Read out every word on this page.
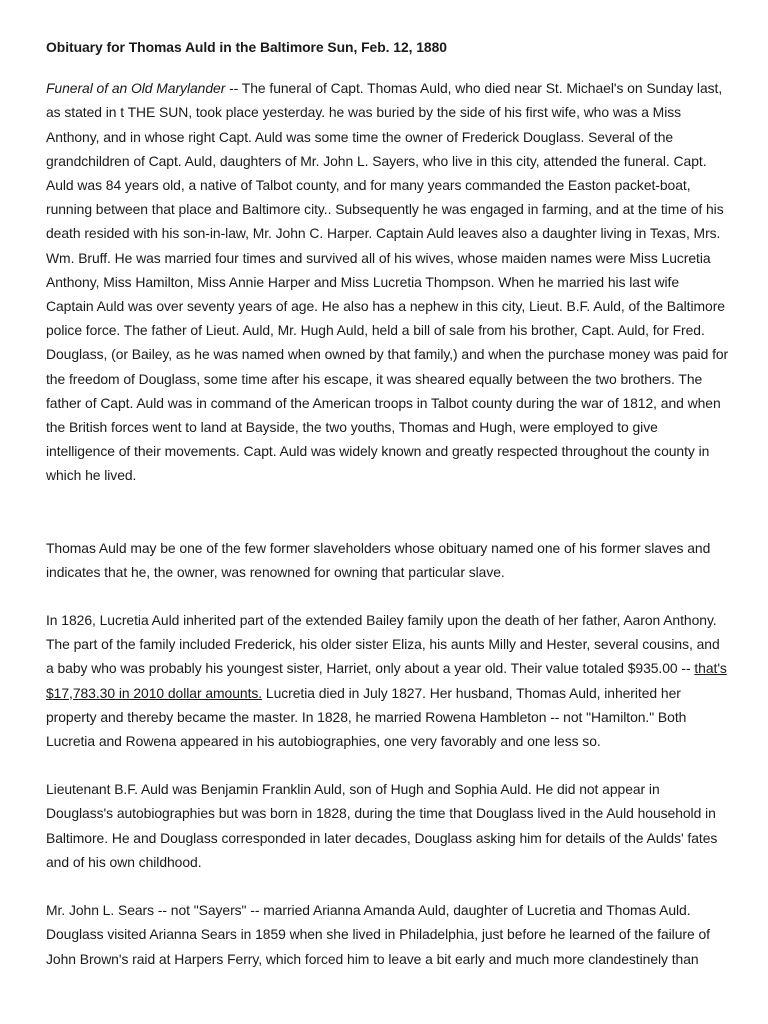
Obituary for Thomas Auld in the Baltimore Sun, Feb. 12, 1880

Funeral of an Old Marylander -- The funeral of Capt. Thomas Auld, who died near St. Michael's on Sunday last, as stated in t THE SUN, took place yesterday. he was buried by the side of his first wife, who was a Miss Anthony, and in whose right Capt. Auld was some time the owner of Frederick Douglass. Several of the grandchildren of Capt. Auld, daughters of Mr. John L. Sayers, who live in this city, attended the funeral. Capt. Auld was 84 years old, a native of Talbot county, and for many years commanded the Easton packet-boat, running between that place and Baltimore city.. Subsequently he was engaged in farming, and at the time of his death resided with his son-in-law, Mr. John C. Harper. Captain Auld leaves also a daughter living in Texas, Mrs. Wm. Bruff. He was married four times and survived all of his wives, whose maiden names were Miss Lucretia Anthony, Miss Hamilton, Miss Annie Harper and Miss Lucretia Thompson. When he married his last wife Captain Auld was over seventy years of age. He also has a nephew in this city, Lieut. B.F. Auld, of the Baltimore police force. The father of Lieut. Auld, Mr. Hugh Auld, held a bill of sale from his brother, Capt. Auld, for Fred. Douglass, (or Bailey, as he was named when owned by that family,) and when the purchase money was paid for the freedom of Douglass, some time after his escape, it was sheared equally between the two brothers. The father of Capt. Auld was in command of the American troops in Talbot county during the war of 1812, and when the British forces went to land at Bayside, the two youths, Thomas and Hugh, were employed to give intelligence of their movements. Capt. Auld was widely known and greatly respected throughout the county in which he lived.

Thomas Auld may be one of the few former slaveholders whose obituary named one of his former slaves and indicates that he, the owner, was renowned for owning that particular slave.

In 1826, Lucretia Auld inherited part of the extended Bailey family upon the death of her father, Aaron Anthony. The part of the family included Frederick, his older sister Eliza, his aunts Milly and Hester, several cousins, and a baby who was probably his youngest sister, Harriet, only about a year old. Their value totaled $935.00 -- that's $17,783.30 in 2010 dollar amounts. Lucretia died in July 1827. Her husband, Thomas Auld, inherited her property and thereby became the master. In 1828, he married Rowena Hambleton -- not "Hamilton." Both Lucretia and Rowena appeared in his autobiographies, one very favorably and one less so.

Lieutenant B.F. Auld was Benjamin Franklin Auld, son of Hugh and Sophia Auld. He did not appear in Douglass's autobiographies but was born in 1828, during the time that Douglass lived in the Auld household in Baltimore. He and Douglass corresponded in later decades, Douglass asking him for details of the Aulds' fates and of his own childhood.

Mr. John L. Sears -- not "Sayers" -- married Arianna Amanda Auld, daughter of Lucretia and Thomas Auld. Douglass visited Arianna Sears in 1859 when she lived in Philadelphia, just before he learned of the failure of John Brown's raid at Harpers Ferry, which forced him to leave a bit early and much more clandestinely than
